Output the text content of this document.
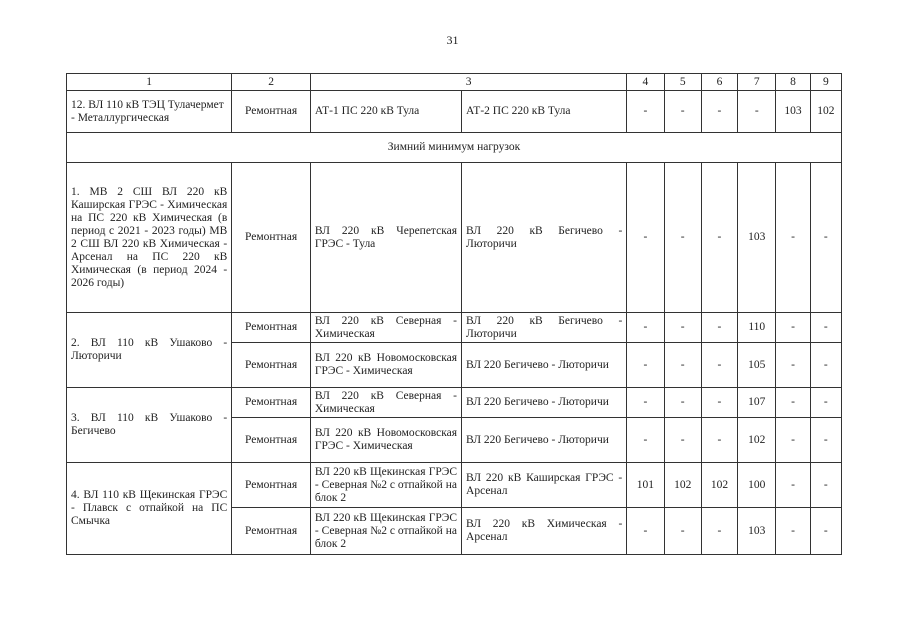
31
1	2	3		4	5	6	7	8	9
12. ВЛ 110 кВ ТЭЦ Тулачермет - Металлургическая	Ремонтная	АТ-1 ПС 220 кВ Тула	АТ-2 ПС 220 кВ Тула	-	-	-	-	103	102
Зимний минимум нагрузок									
1. МВ 2 СШ ВЛ 220 кВ Каширская ГРЭС - Химическая на ПС 220 кВ Химическая (в период с 2021 - 2023 годы) МВ 2 СШ ВЛ 220 кВ Химическая - Арсенал на ПС 220 кВ Химическая (в период 2024 - 2026 годы)	Ремонтная	ВЛ 220 кВ Черепетская ГРЭС - Тула	ВЛ 220 кВ Бегичево - Люторичи	-	-	-	103	-	-
2. ВЛ 110 кВ Ушаково - Люторичи	Ремонтная	ВЛ 220 кВ Северная - Химическая	ВЛ 220 кВ Бегичево - Люторичи	-	-	-	110	-	-
	Ремонтная	ВЛ 220 кВ Новомосковская ГРЭС - Химическая	ВЛ 220 Бегичево - Люторичи	-	-	-	105	-	-
3. ВЛ 110 кВ Ушаково - Бегичево	Ремонтная	ВЛ 220 кВ Северная - Химическая	ВЛ 220 Бегичево - Люторичи	-	-	-	107	-	-
	Ремонтная	ВЛ 220 кВ Новомосковская ГРЭС - Химическая	ВЛ 220 Бегичево - Люторичи	-	-	-	102	-	-
4. ВЛ 110 кВ Щекинская ГРЭС - Плавск с отпайкой на ПС Смычка	Ремонтная	ВЛ 220 кВ Щекинская ГРЭС - Северная №2 с отпайкой на блок 2	ВЛ 220 кВ Каширская ГРЭС - Арсенал	101	102	102	100	-	-
	Ремонтная	ВЛ 220 кВ Щекинская ГРЭС - Северная №2 с отпайкой на блок 2	ВЛ 220 кВ Химическая - Арсенал	-	-	-	103	-	-
